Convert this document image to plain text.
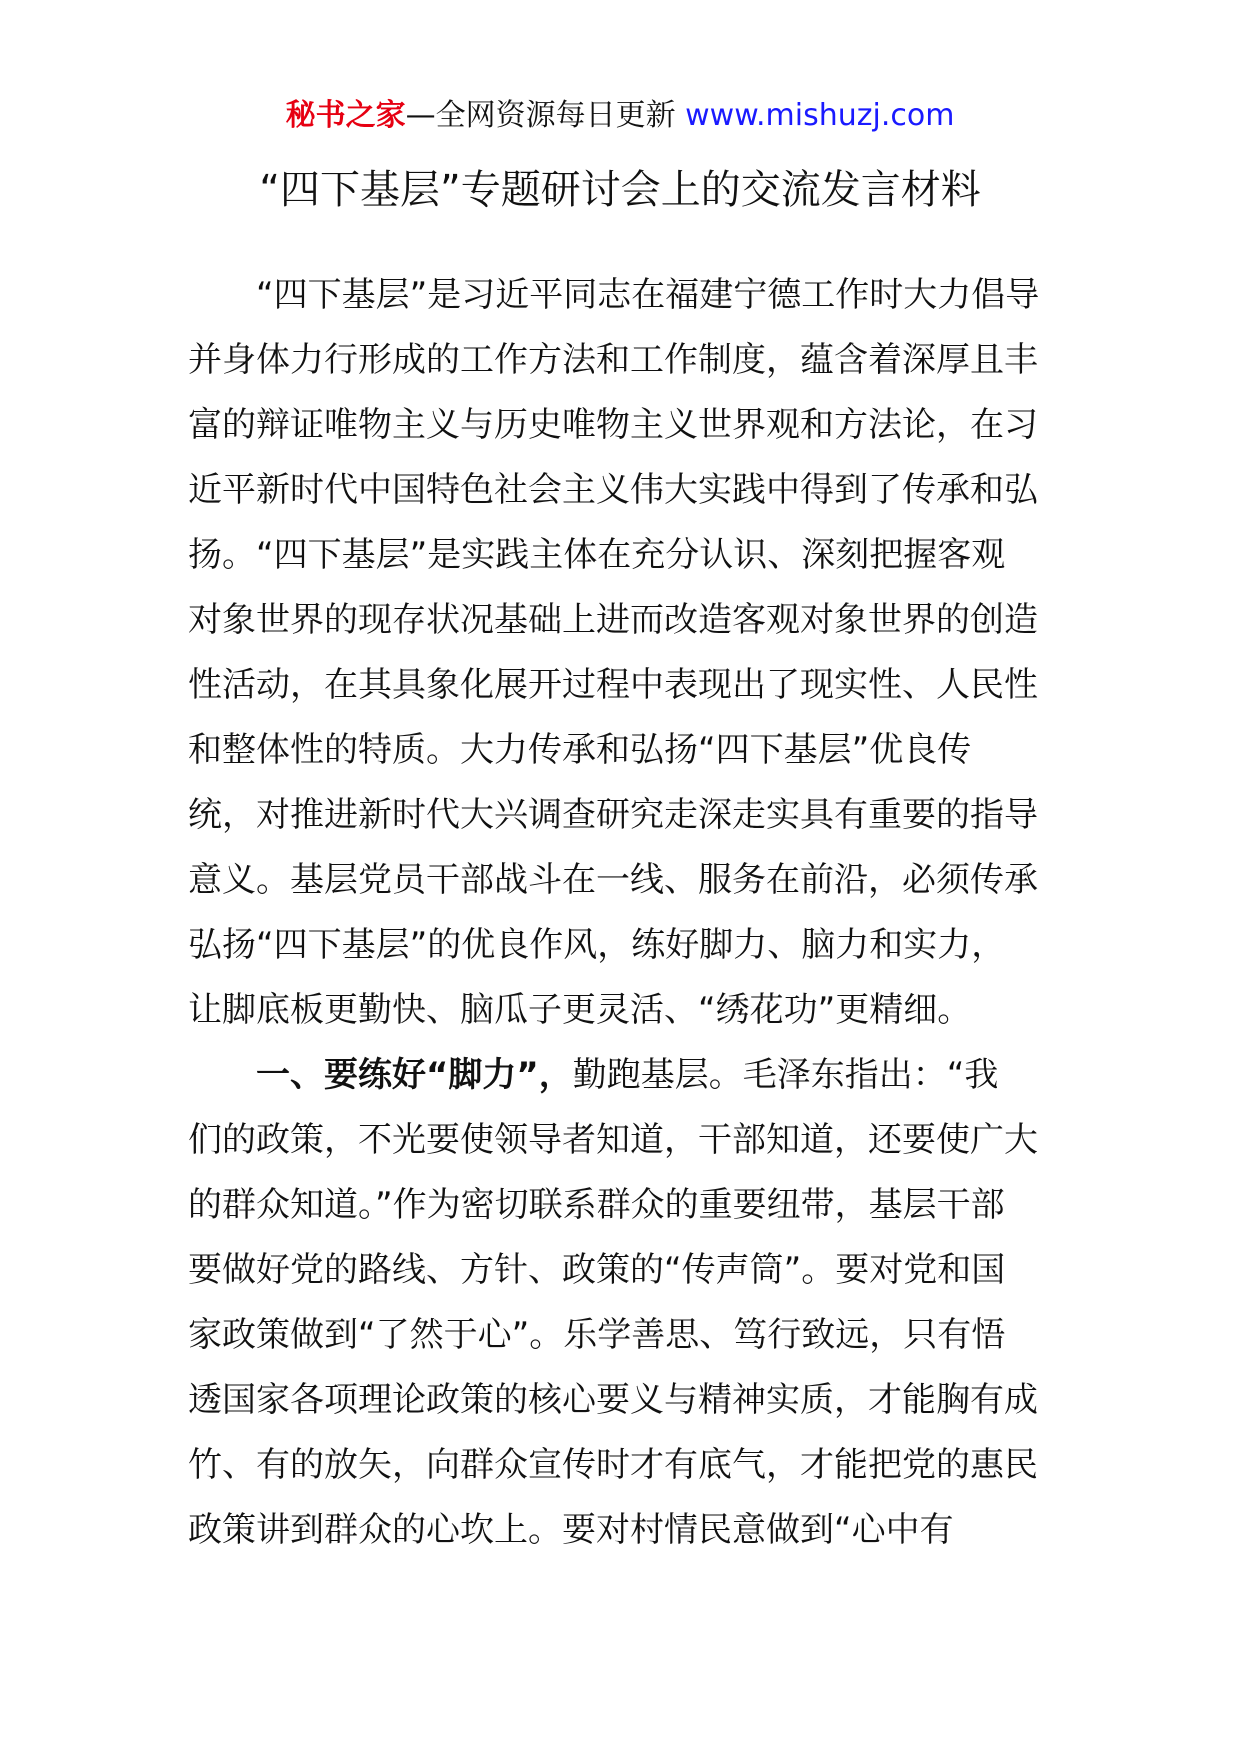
秘书之家—全网资源每日更新 www.mishuzj.com
“四下基层”专题研讨会上的交流发言材料
“四下基层”是习近平同志在福建宁德工作时大力倡导
并身体力行形成的工作方法和工作制度，蕴含着深厚且丰
富的辩证唯物主义与历史唯物主义世界观和方法论，在习
近平新时代中国特色社会主义伟大实践中得到了传承和弘
扬。“四下基层”是实践主体在充分认识、深刻把握客观
对象世界的现存状况基础上进而改造客观对象世界的创造
性活动，在其具象化展开过程中表现出了现实性、人民性
和整体性的特质。大力传承和弘扬“四下基层”优良传
统，对推进新时代大兴调查研究走深走实具有重要的指导
意义。基层党员干部战斗在一线、服务在前沿，必须传承
弘扬“四下基层”的优良作风，练好脚力、脑力和实力，
让脚底板更勤快、脑瓜子更灵活、“绣花功”更精细。
一、要练好“脚力”，勤跑基层。毛泽东指出：“我
们的政策，不光要使领导者知道，干部知道，还要使广大
的群众知道。”作为密切联系群众的重要纽带，基层干部
要做好党的路线、方针、政策的“传声筒”。要对党和国
家政策做到“了然于心”。乐学善思、笃行致远，只有悟
透国家各项理论政策的核心要义与精神实质，才能胸有成
竹、有的放矢，向群众宣传时才有底气，才能把党的惠民
政策讲到群众的心坎上。要对村情民意做到“心中有
